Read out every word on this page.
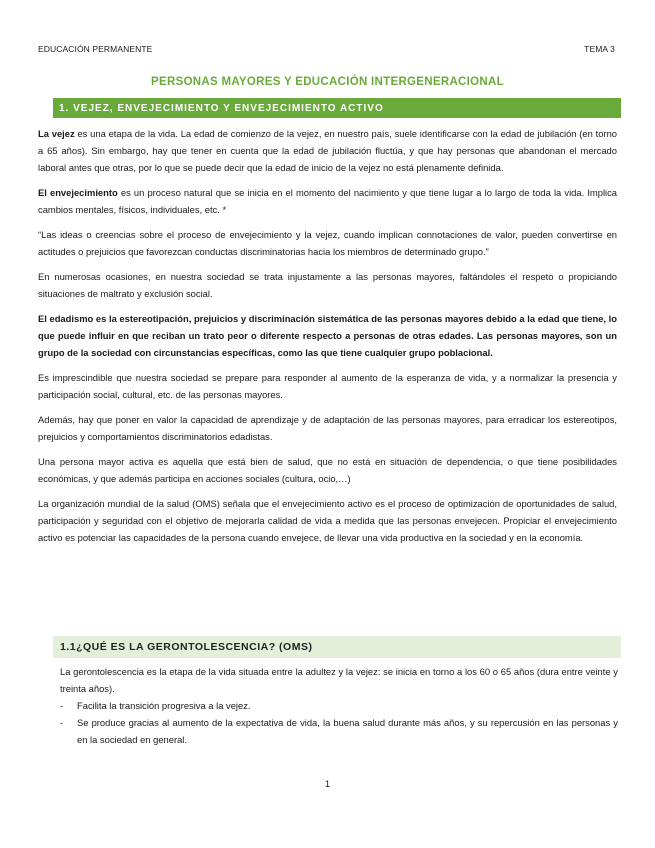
EDUCACIÓN PERMANENTE	TEMA 3
PERSONAS MAYORES Y EDUCACIÓN INTERGENERACIONAL
1. VEJEZ, ENVEJECIMIENTO Y ENVEJECIMIENTO ACTIVO

La vejez es una etapa de la vida. La edad de comienzo de la vejez, en nuestro país, suele identificarse con la edad de jubilación (en torno a 65 años). Sin embargo, hay que tener en cuenta que la edad de jubilación fluctúa, y que hay personas que abandonan el mercado laboral antes que otras, por lo que se puede decir que la edad de inicio de la vejez no está plenamente definida.

El envejecimiento es un proceso natural que se inicia en el momento del nacimiento y que tiene lugar a lo largo de toda la vida. Implica cambios mentales, físicos, individuales, etc. *

“Las ideas o creencias sobre el proceso de envejecimiento y la vejez, cuando implican connotaciones de valor, pueden convertirse en actitudes o prejuicios que favorezcan conductas discriminatorias hacia los miembros de determinado grupo.”

En numerosas ocasiones, en nuestra sociedad se trata injustamente a las personas mayores, faltándoles el respeto o propiciando situaciones de maltrato y exclusión social.

El edadismo es la estereotipación, prejuicios y discriminación sistemática de las personas mayores debido a la edad que tiene, lo que puede influir en que reciban un trato peor o diferente respecto a personas de otras edades. Las personas mayores, son un grupo de la sociedad con circunstancias específicas, como las que tiene cualquier grupo poblacional.

Es imprescindible que nuestra sociedad se prepare para responder al aumento de la esperanza de vida, y a normalizar la presencia y participación social, cultural, etc. de las personas mayores.

Además, hay que poner en valor la capacidad de aprendizaje y de adaptación de las personas mayores, para erradicar los estereotipos, prejuicios y comportamientos discriminatorios edadistas.

Una persona mayor activa es aquella que está bien de salud, que no está en situación de dependencia, o que tiene posibilidades económicas, y que además participa en acciones sociales (cultura, ocio,…)

La organización mundial de la salud (OMS) señala que el envejecimiento activo es el proceso de optimización de oportunidades de salud, participación y seguridad con el objetivo de mejorarla calidad de vida a medida que las personas envejecen. Propiciar el envejecimiento activo es potenciar las capacidades de la persona cuando envejece, de llevar una vida productiva en la sociedad y en la economía.

1.1¿QUÉ ES LA GERONTOLESCENCIA? (OMS)

La gerontolescencia es la etapa de la vida situada entre la adultez y la vejez: se inicia en torno a los 60 o 65 años (dura entre veinte y treinta años).

- Facilita la transición progresiva a la vejez.
- Se produce gracias al aumento de la expectativa de vida, la buena salud durante más años, y su repercusión en las personas y en la sociedad en general.
1
